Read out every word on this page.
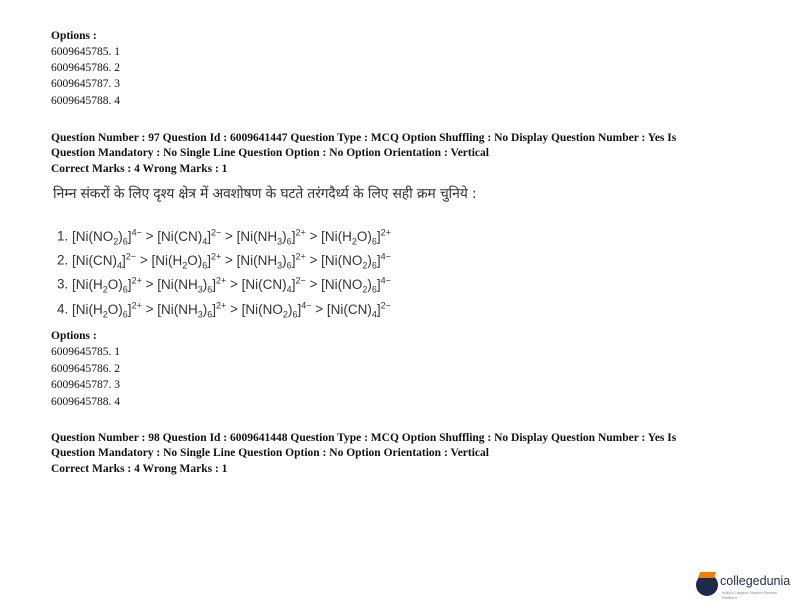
Options :
6009645785. 1
6009645786. 2
6009645787. 3
6009645788. 4
Question Number : 97 Question Id : 6009641447 Question Type : MCQ Option Shuffling : No Display Question Number : Yes Is
Question Mandatory : No Single Line Question Option : No Option Orientation : Vertical
Correct Marks : 4 Wrong Marks : 1
निम्न संकरों के लिए दृश्य क्षेत्र में अवशोषण के घटते तरंगदैर्ध्य के लिए सही क्रम चुनिये :
1. $[Ni(NO_2)_6]^{4-} > [Ni(CN)_4]^{2-} > [Ni(NH_3)_6]^{2+} > [Ni(H_2O)_6]^{2+}$
2. $[Ni(CN)_4]^{2-} > [Ni(H_2O)_6]^{2+} > [Ni(NH_3)_6]^{2+} > [Ni(NO_2)_6]^{4-}$
3. $[Ni(H_2O)_6]^{2+} > [Ni(NH_3)_6]^{2+} > [Ni(CN)_4]^{2-} > [Ni(NO_2)_6]^{4-}$
4. $[Ni(H_2O)_6]^{2+} > [Ni(NH_3)_6]^{2+} > [Ni(NO_2)_6]^{4-} > [Ni(CN)_4]^{2-}$
Options :
6009645785. 1
6009645786. 2
6009645787. 3
6009645788. 4
Question Number : 98 Question Id : 6009641448 Question Type : MCQ Option Shuffling : No Display Question Number : Yes Is
Question Mandatory : No Single Line Question Option : No Option Orientation : Vertical
Correct Marks : 4 Wrong Marks : 1
collegedunia
India's Largest Student Review Platform
